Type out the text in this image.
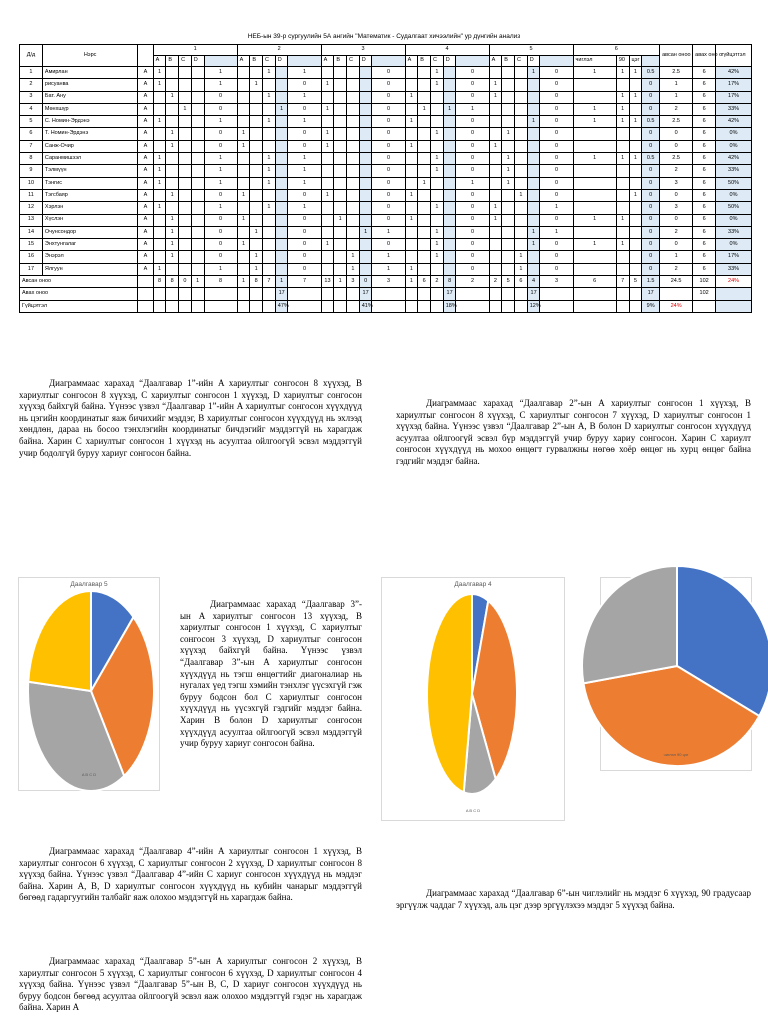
НЕБ-ын 39-р сургуулийн 5А ангийн "Математик - Судалгаат хичээлийн" ур дүнгийн анализ
Д/д	Нэрс		1					2					3					4					5					6				авсан оноо	авах оно о	гүйцэтгэл
			A	B	C	D		A	B	C	D		A	B	C	D		A	B	C	D		A	B	C	D		чиглэл	90	цэг				
1	Амирлан	A	1				1			1		1					0			1		0				1	0	1	1	1	0.5	2.5	6	42%
2	рисуанва	A	1				1		1			0	1				0			1		0	1				0				0	1	6	17%
3	Бат. Ану	A		1			0			1		1					0	1				0	1				0		1	1	0	1	6	17%
4	Мөнхшүр	A			1		0				1	0	1				0		1		1	1					0	1	1		0	2	6	33%
5	С. Номин-Эрдэнэ	A	1				1			1		1					0	1				0				1	0	1	1	1	0.5	2.5	6	42%
6	Т. Номин-Эрдэнэ	A		1			0	1				0	1				0			1		0		1			0				0	0	6	0%
7	Санж-Очир	A		1			0	1				0	1				0	1				0	1				0				0	0	6	0%
8	Саранмишээл	A	1				1			1		1					0			1		0		1			0	1	1	1	0.5	2.5	6	42%
9	Тэлмүүн	A	1				1			1		1					0			1		0		1			0				0	2	6	33%
10	Тэнгис	A	1				1			1		1					0		1			1		1			0				0	3	6	50%
11	Тэгсбаяр	A		1			0	1				0	1				0	1				0			1		0			1	0	0	6	0%
12	Хэрлэн	A	1				1			1		1					0			1		0	1				1				0	3	6	50%
13	Хүслэн	A		1			0	1				0		1			0	1				0	1				0	1	1		0	0	6	0%
14	Очунсондор	A		1			0		1			0				1	1			1		0				1	1				0	2	6	33%
15	Энхтунгалаг	A		1			0	1				0	1				0			1		0				1	0	1	1		0	0	6	0%
16	Энэрэл	A		1			0		1			0			1		1			1		0			1		0				0	1	6	17%
17	Ялгуун	A	1				1		1			0			1		1	1				0			1		0				0	2	6	33%
Авсан оноо			8	8	0	1	8	1	8	7	1	7	13	1	3	0	3	1	6	2	8	2	2	5	6	4	3	6	7	5	1.5	24.5	102	24%
Авах оноо											17					17					17					17					17		102	
Гүйцэтгэл											47%					41%					18%					12%					9%	24%		

Диаграммаас харахад “Даалгавар 1”-ийн A хариултыг сонгосон 8 хүүхэд, B хариултыг сонгосон 8 хүүхэд, C хариултыг сонгосон 1 хүүхэд, D хариултыг сонгосон хүүхэд байхгүй байна. Үүнээс үзвэл “Даалгавар 1”-ийн A хариултыг сонгосон хүүхдүүд нь цэгийн координатыг яаж бичихийг мэддэг, B хариултыг сонгосон хүүхдүүд нь эхлээд хөндлөн, дараа нь босоо тэнхлэгийн координатыг бичдэгийг мэддэггүй нь харагдаж байна. Харин C хариултыг сонгосон 1 хүүхэд нь асуултаа ойлгоогүй эсвэл мэддэггүй учир бодолгүй буруу хариуг сонгосон байна.

Диаграммаас харахад “Даалгавар 2”-ын A хариултыг сонгосон 1 хүүхэд, B хариултыг сонгосон 8 хүүхэд, C хариултыг сонгосон 7 хүүхэд, D хариултыг сонгосон 1 хүүхэд байна. Үүнээс үзвэл “Даалгавар 2”-ын A, B болон D хариултыг сонгосон хүүхдүүд асуултаа ойлгоогүй эсвэл бүр мэддэггүй учир буруу хариу сонгосон. Харин C хариулт сонгосон хүүхдүүд нь мохоо өнцөгт гурвалжны нөгөө хоёр өнцөг нь хурц өнцөг байна гэдгийг мэддэг байна.

Даалгавар 5
A B C D

Диаграммаас харахад “Даалгавар 3”-ын A хариултыг сонгосон 13 хүүхэд, B хариултыг сонгосон 1 хүүхэд, C хариултыг сонгосон 3 хүүхэд, D хариултыг сонгосон хүүхэд байхгүй байна. Үүнээс үзвэл “Даалгавар 3”-ын A хариултыг сонгосон хүүхдүүд нь тэгш өнцөгтийг диагоналиар нь нугалах үед тэгш хэмийн тэнхлэг үүсэхгүй гэж буруу бодсон бол C хариултыг сонгосон хүүхдүүд нь үүсэхгүй гэдгийг мэддэг байна. Харин B болон D хариултыг сонгосон хүүхдүүд асуултаа ойлгоогүй эсвэл мэддэггүй учир буруу хариуг сонгосон байна.

Даалгавар 4
A B C D
чиглэл 90 цэг

Диаграммаас харахад “Даалгавар 4”-ийн A хариултыг сонгосон 1 хүүхэд, B хариултыг сонгосон 6 хүүхэд, C хариултыг сонгосон 2 хүүхэд, D хариултыг сонгосон 8 хүүхэд байна. Үүнээс үзвэл “Даалгавар 4”-ийн C хариуг сонгосон хүүхдүүд нь мэддэг байна. Харин A, B, D хариултыг сонгосон хүүхдүүд нь кубийн чанарыг мэддэггүй бөгөөд гадаргуугийн талбайг яаж олохоо мэддэггүй нь харагдаж байна.	Диаграммаас харахад “Даалгавар 6”-ын чиглэлийг нь мэддэг 6 хүүхэд, 90 градусаар эргүүлж чаддаг 7 хүүхэд, аль цэг дээр эргүүлэхээ мэддэг 5 хүүхэд байна.

Диаграммаас харахад “Даалгавар 5”-ын A хариултыг сонгосон 2 хүүхэд, B хариултыг сонгосон 5 хүүхэд, C хариултыг сонгосон 6 хүүхэд, D хариултыг сонгосон 4 хүүхэд байна. Үүнээс үзвэл “Даалгавар 5”-ын B, C, D хариуг сонгосон хүүхдүүд нь буруу бодсон бөгөөд асуултаа ойлгоогүй эсвэл яаж олохоо мэддэггүй гэдэг нь харагдаж байна. Харин A
